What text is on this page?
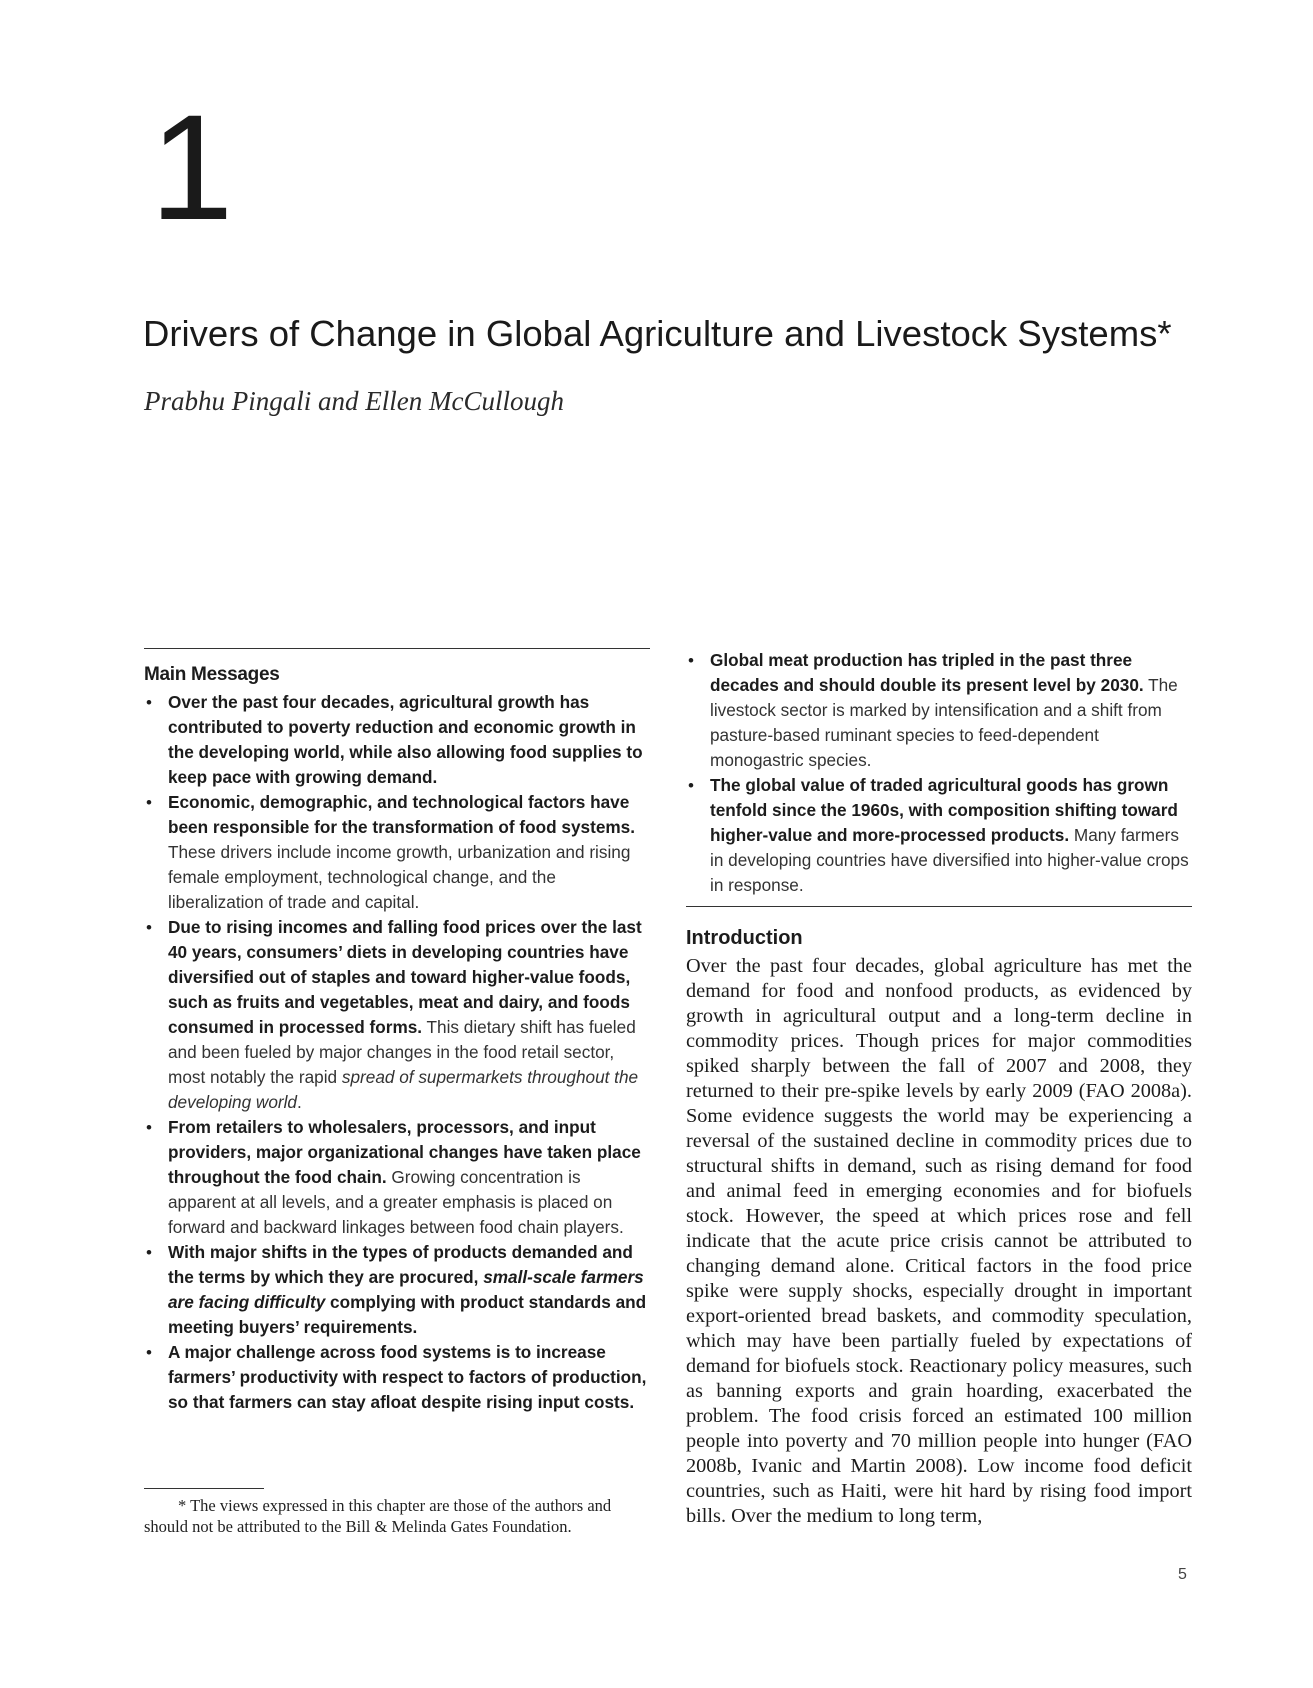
1
Drivers of Change in Global Agriculture and Livestock Systems*
Prabhu Pingali and Ellen McCullough
Main Messages
• Over the past four decades, agricultural growth has contributed to poverty reduction and economic growth in the developing world, while also allowing food supplies to keep pace with growing demand.
• Economic, demographic, and technological factors have been responsible for the transformation of food systems. These drivers include income growth, urbanization and rising female employment, technological change, and the liberalization of trade and capital.
• Due to rising incomes and falling food prices over the last 40 years, consumers’ diets in developing countries have diversified out of staples and toward higher-value foods, such as fruits and vegetables, meat and dairy, and foods consumed in processed forms. This dietary shift has fueled and been fueled by major changes in the food retail sector, most notably the rapid spread of supermarkets throughout the developing world.
• From retailers to wholesalers, processors, and input providers, major organizational changes have taken place throughout the food chain. Growing concentration is apparent at all levels, and a greater emphasis is placed on forward and backward linkages between food chain players.
• With major shifts in the types of products demanded and the terms by which they are procured, small-scale farmers are facing difficulty complying with product standards and meeting buyers’ requirements.
• A major challenge across food systems is to increase farmers’ productivity with respect to factors of production, so that farmers can stay afloat despite rising input costs.
• Global meat production has tripled in the past three decades and should double its present level by 2030. The livestock sector is marked by intensification and a shift from pasture-based ruminant species to feed-dependent monogastric species.
• The global value of traded agricultural goods has grown tenfold since the 1960s, with composition shifting toward higher-value and more-processed products. Many farmers in developing countries have diversified into higher-value crops in response.
Introduction

Over the past four decades, global agriculture has met the demand for food and nonfood products, as evidenced by growth in agricultural output and a long-term decline in commodity prices. Though prices for major commodities spiked sharply between the fall of 2007 and 2008, they returned to their pre-spike levels by early 2009 (FAO 2008a). Some evidence suggests the world may be experiencing a reversal of the sustained decline in commodity prices due to structural shifts in demand, such as rising demand for food and animal feed in emerging economies and for biofuels stock. However, the speed at which prices rose and fell indicate that the acute price crisis cannot be attributed to changing demand alone. Critical factors in the food price spike were supply shocks, especially drought in important export-oriented bread baskets, and commodity speculation, which may have been partially fueled by expectations of demand for biofuels stock. Reactionary policy measures, such as banning exports and grain hoarding, exacerbated the problem. The food crisis forced an estimated 100 million people into poverty and 70 million people into hunger (FAO 2008b, Ivanic and Martin 2008). Low income food deficit countries, such as Haiti, were hit hard by rising food import bills. Over the medium to long term,

* The views expressed in this chapter are those of the authors and should not be attributed to the Bill & Melinda Gates Foundation.

5
